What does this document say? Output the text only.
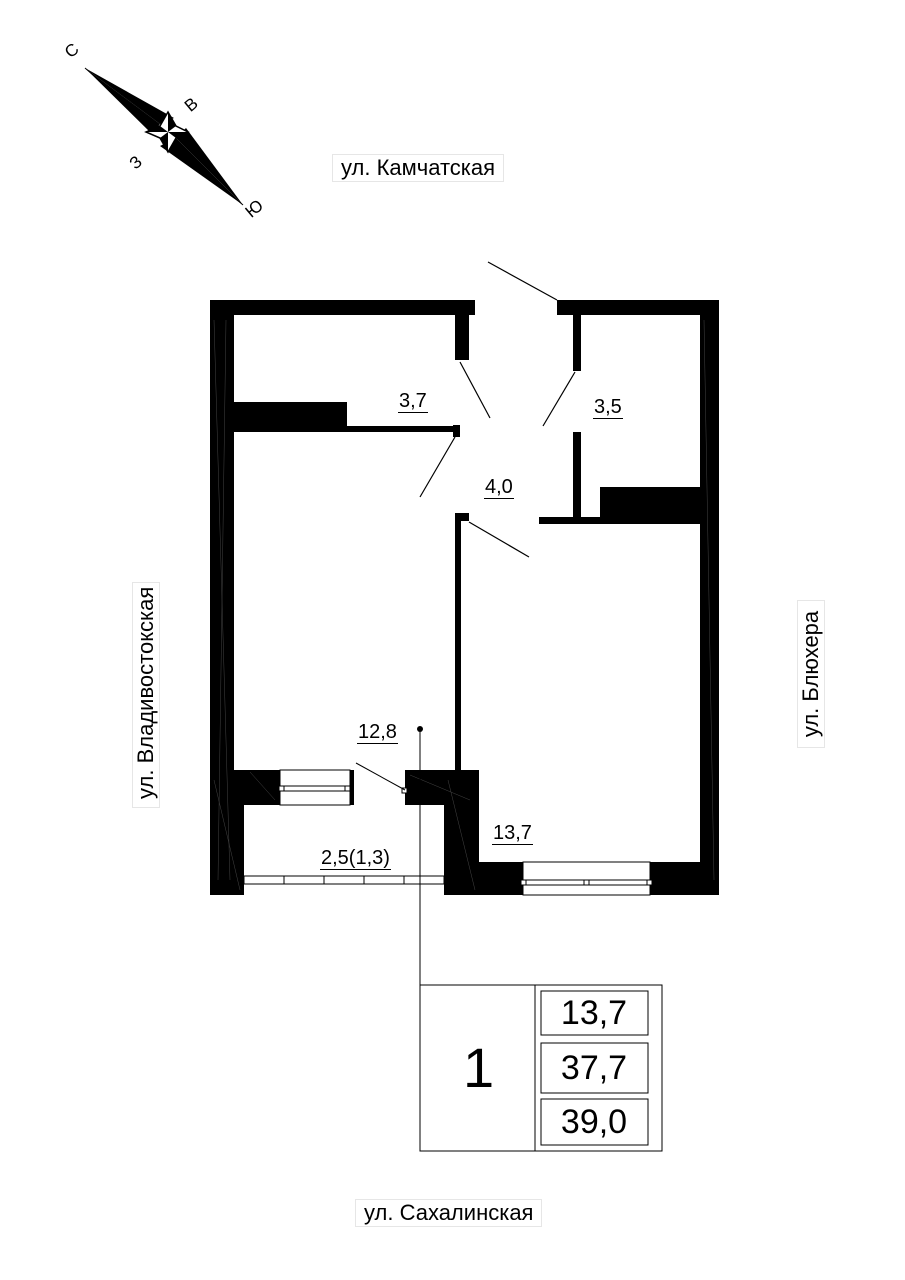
ул. Камчатская
ул. Владивостокская	ул. Блюхера
ул. Сахалинская
С
В
Ю
З
3,7	3,5
4,0
12,8
13,7
2,5(1,3)
1
13,7
37,7
39,0
